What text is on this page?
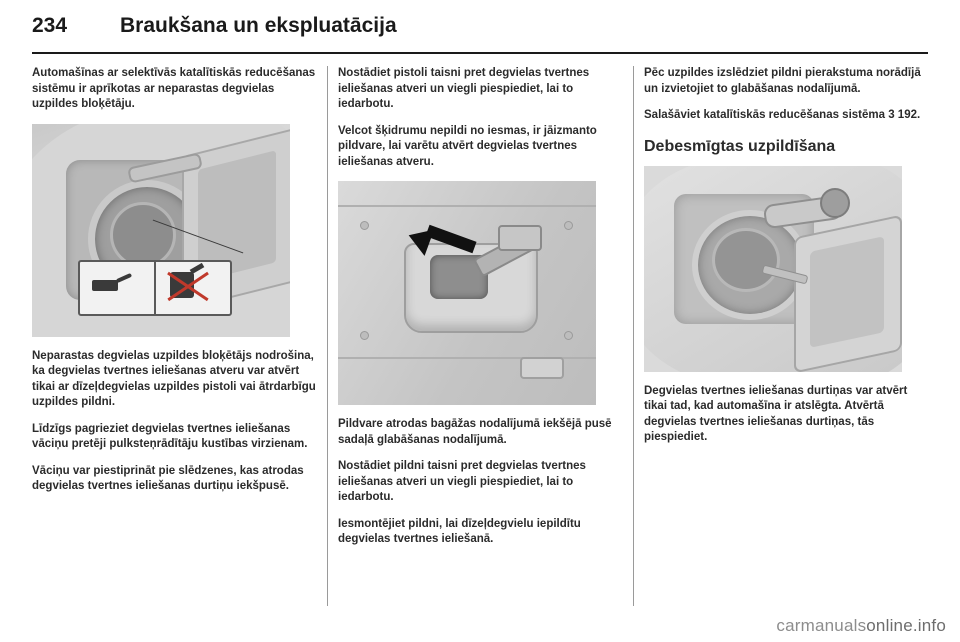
234	Braukšana un ekspluatācija

Automašīnas ar selektīvās katalītiskās reducēšanas sistēmu ir aprīkotas ar neparastas degvielas uzpildes bloķētāju.

Neparastas degvielas uzpildes bloķētājs nodrošina, ka degvielas tvertnes ieliešanas atveru var atvērt tikai ar dīzeļdegvielas uzpildes pistoli vai ātrdarbīgu uzpildes pildni.

Līdzīgs pagrieziet degvielas tvertnes ieliešanas vāciņu pretēji pulksteņrādītāju kustības virzienam.

Vāciņu var piestiprināt pie slēdzenes, kas atrodas degvielas tvertnes ieliešanas durtiņu iekšpusē.

Nostādiet pistoli taisni pret degvielas tvertnes ieliešanas atveri un viegli piespiediet, lai to iedarbotu.

Velcot šķidrumu nepildi no iesmas, ir jāizmanto pildvare, lai varētu atvērt degvielas tvertnes ieliešanas atveru.

Pildvare atrodas bagāžas nodalījumā iekšējā pusē sadaļā glabāšanas nodalījumā.

Nostādiet pildni taisni pret degvielas tvertnes ieliešanas atveri un viegli piespiediet, lai to iedarbotu.

Iesmontējiet pildni, lai dīzeļdegvielu iepildītu degvielas tvertnes ieliešanā.

Pēc uzpildes izslēdziet pildni pierakstuma norādījā un izvietojiet to glabāšanas nodalījumā.

Salašāviet katalītiskās reducēšanas sistēma 3 192.

Debesmīgtas uzpildīšana

Degvielas tvertnes ieliešanas durtiņas var atvērt tikai tad, kad automašīna ir atslēgta. Atvērtā degvielas tvertnes ieliešanas durtiņas, tās piespiediet.

carmanualsonline.info
